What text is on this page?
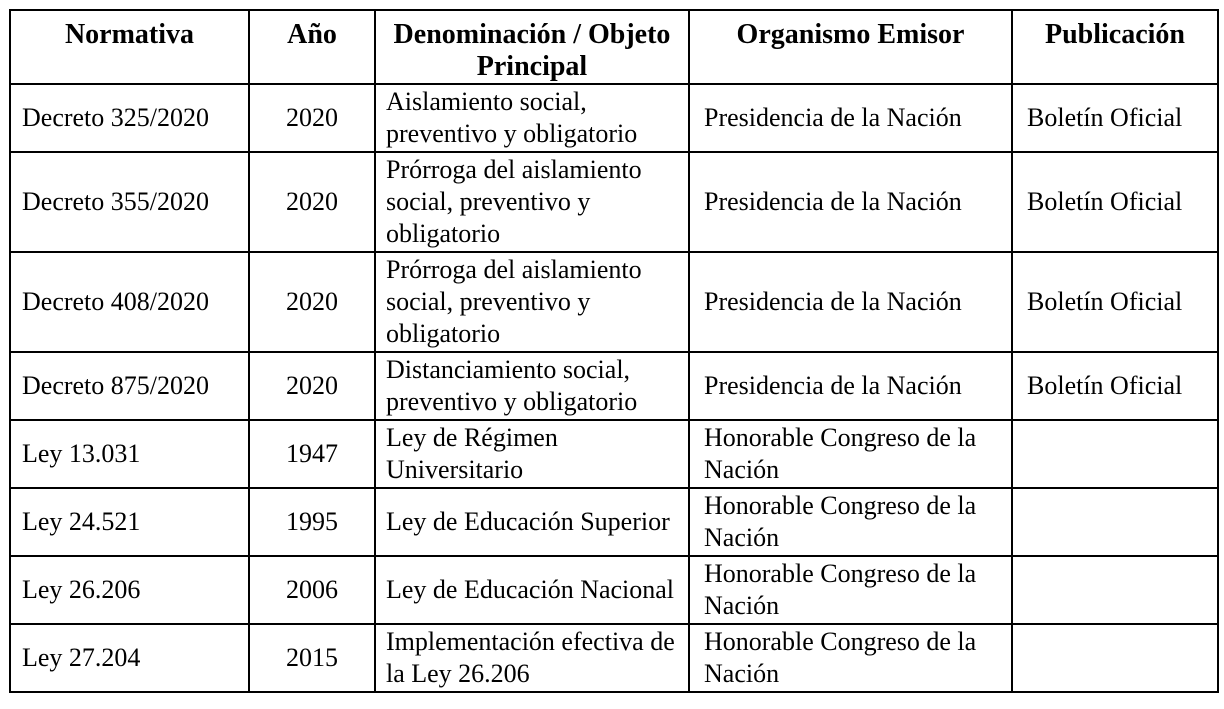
Normativa	Año	Denominación / Objeto Principal	Organismo Emisor	Publicación
Decreto 325/2020	2020	Aislamiento social, preventivo y obligatorio	Presidencia de la Nación	Boletín Oficial
Decreto 355/2020	2020	Prórroga del aislamiento social, preventivo y obligatorio	Presidencia de la Nación	Boletín Oficial
Decreto 408/2020	2020	Prórroga del aislamiento social, preventivo y obligatorio	Presidencia de la Nación	Boletín Oficial
Decreto 875/2020	2020	Distanciamiento social, preventivo y obligatorio	Presidencia de la Nación	Boletín Oficial
Ley 13.031	1947	Ley de Régimen Universitario	Honorable Congreso de la Nación	
Ley 24.521	1995	Ley de Educación Superior	Honorable Congreso de la Nación	
Ley 26.206	2006	Ley de Educación Nacional	Honorable Congreso de la Nación	
Ley 27.204	2015	Implementación efectiva de la Ley 26.206	Honorable Congreso de la Nación	
